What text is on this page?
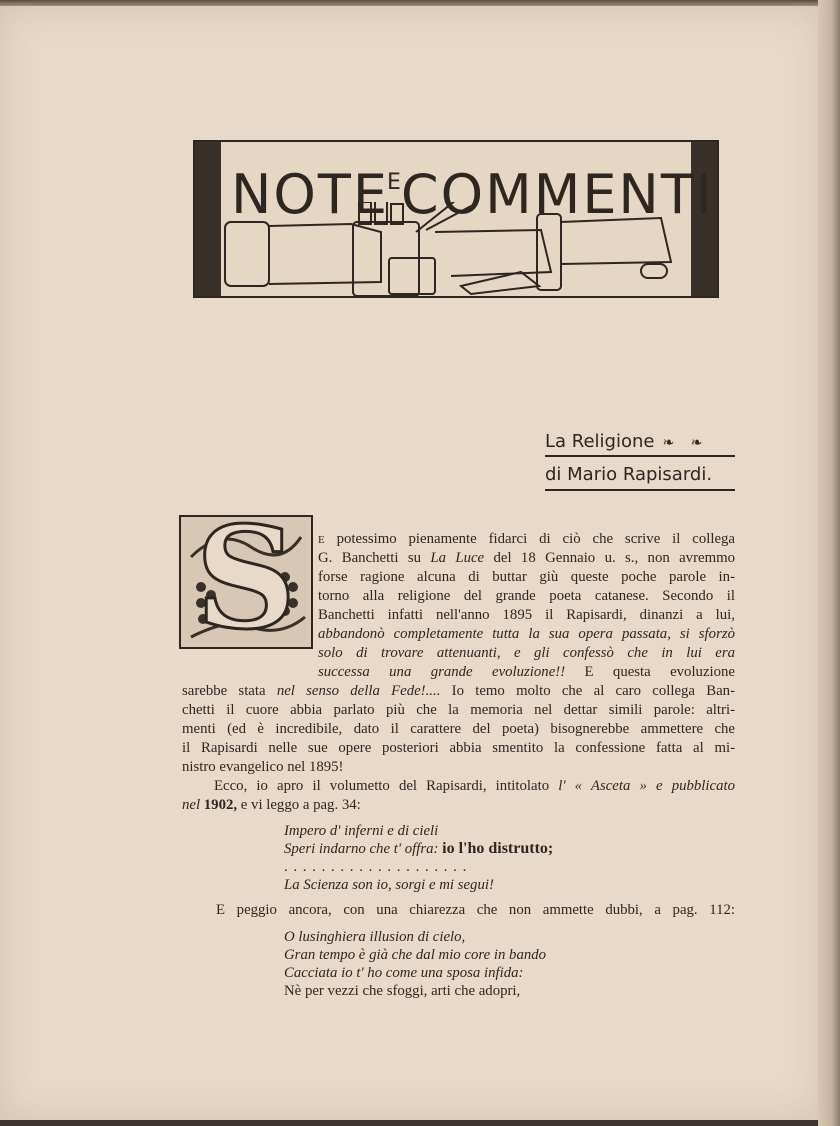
$NOTE^ECOMMENTI$
La Religione ❧ ❧
di Mario Rapisardi.
S	E potessimo pienamente fidarci di ciò che scrive il collega
G. Banchetti su La Luce del 18 Gennaio u. s., non avremmo
forse ragione alcuna di buttar giù queste poche parole in-
torno alla religione del grande poeta catanese. Secondo il
Banchetti infatti nell'anno 1895 il Rapisardi, dinanzi a lui,
abbandonò completamente tutta la sua opera passata, si sforzò
solo di trovare attenuanti, e gli confessò che in lui era
successa una grande evoluzione!! E questa evoluzione
sarebbe stata nel senso della Fede!.... Io temo molto che al caro collega Ban-
chetti il cuore abbia parlato più che la memoria nel dettar simili parole: altri-
menti (ed è incredibile, dato il carattere del poeta) bisognerebbe ammettere che
il Rapisardi nelle sue opere posteriori abbia smentito la confessione fatta al mi-
nistro evangelico nel 1895!
Ecco, io apro il volumetto del Rapisardi, intitolato l' « Asceta » e pubblicato
nel 1902, e vi leggo a pag. 34:
Impero d' inferni e di cieli
Speri indarno che t' offra: io l'ho distrutto;
. . . . . . . . . . . . . . . . . . . .
La Scienza son io, sorgi e mi segui!
E peggio ancora, con una chiarezza che non ammette dubbi, a pag. 112:
O lusinghiera illusion di cielo,
Gran tempo è già che dal mio core in bando
Cacciata io t' ho come una sposa infida:
Nè per vezzi che sfoggi, arti che adopri,
